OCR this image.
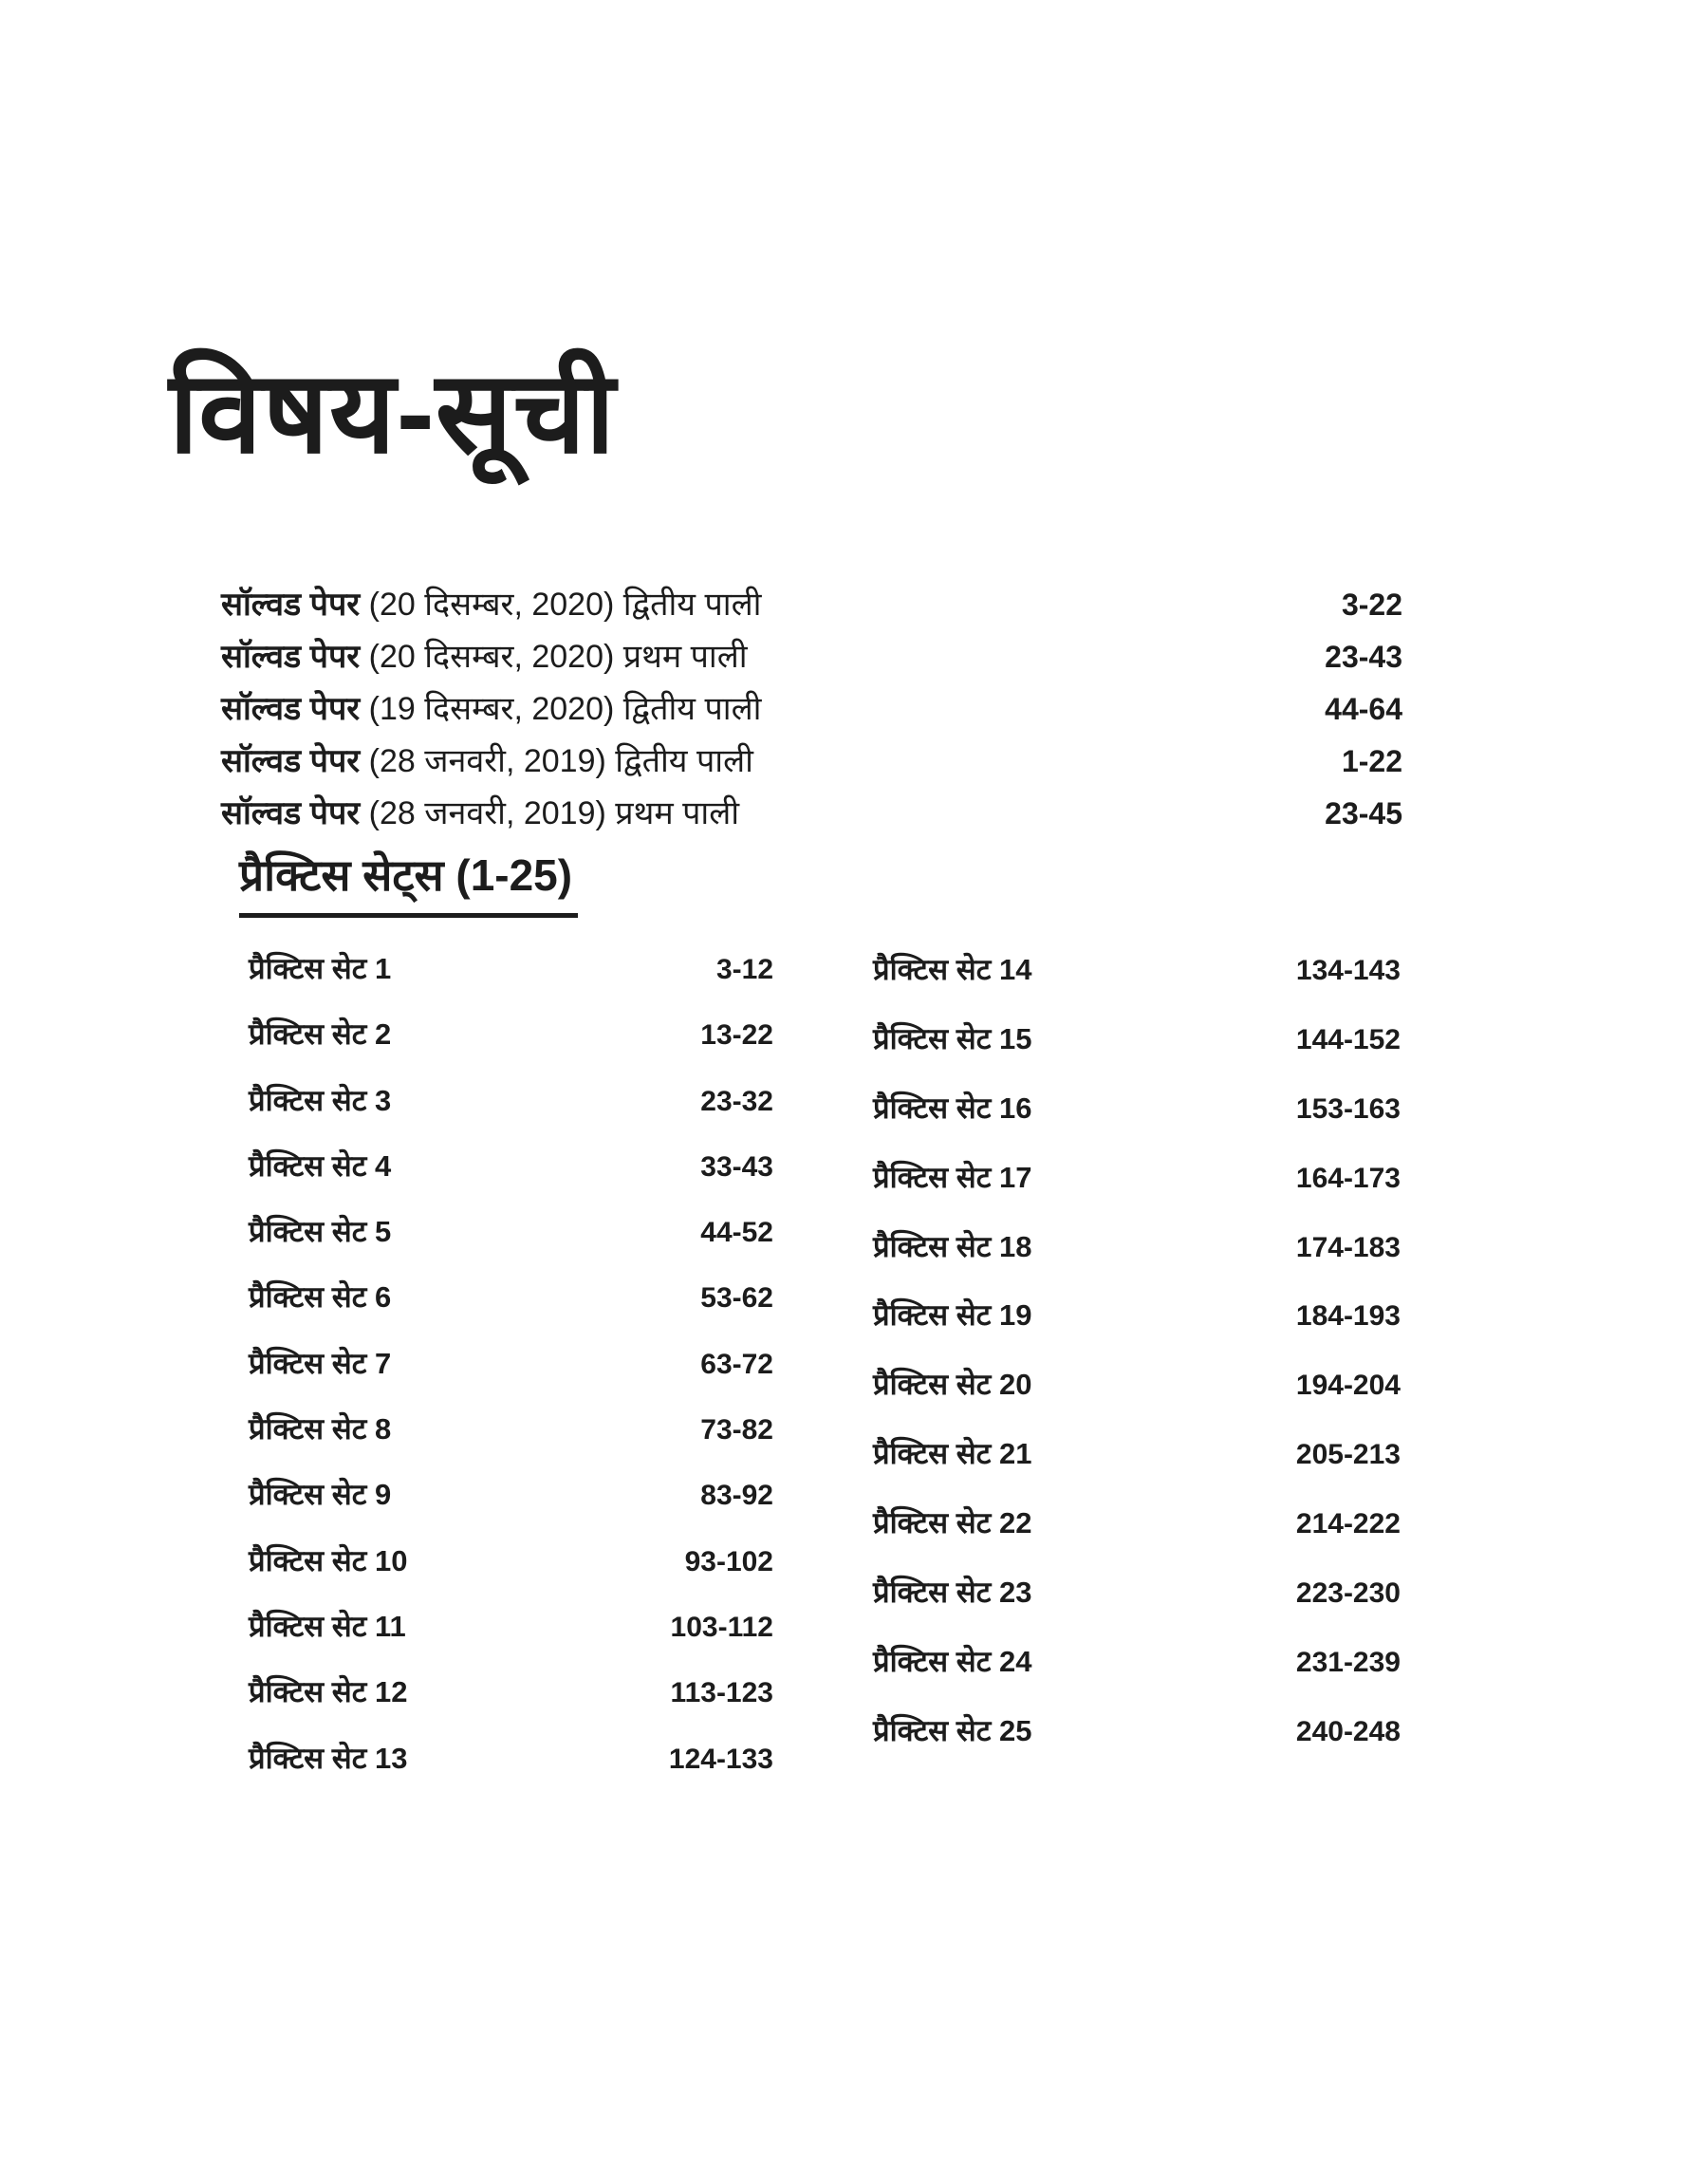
विषय-सूची
सॉल्वड पेपर (20 दिसम्बर, 2020) द्वितीय पाली	3-22
सॉल्वड पेपर (20 दिसम्बर, 2020) प्रथम पाली	23-43
सॉल्वड पेपर (19 दिसम्बर, 2020) द्वितीय पाली	44-64
सॉल्वड पेपर (28 जनवरी, 2019) द्वितीय पाली	1-22
सॉल्वड पेपर (28 जनवरी, 2019) प्रथम पाली	23-45
प्रैक्टिस सेट्स (1-25)
प्रैक्टिस सेट 1	3-12
प्रैक्टिस सेट 2	13-22
प्रैक्टिस सेट 3	23-32
प्रैक्टिस सेट 4	33-43
प्रैक्टिस सेट 5	44-52
प्रैक्टिस सेट 6	53-62
प्रैक्टिस सेट 7	63-72
प्रैक्टिस सेट 8	73-82
प्रैक्टिस सेट 9	83-92
प्रैक्टिस सेट 10	93-102
प्रैक्टिस सेट 11	103-112
प्रैक्टिस सेट 12	113-123
प्रैक्टिस सेट 13	124-133
प्रैक्टिस सेट 14	134-143
प्रैक्टिस सेट 15	144-152
प्रैक्टिस सेट 16	153-163
प्रैक्टिस सेट 17	164-173
प्रैक्टिस सेट 18	174-183
प्रैक्टिस सेट 19	184-193
प्रैक्टिस सेट 20	194-204
प्रैक्टिस सेट 21	205-213
प्रैक्टिस सेट 22	214-222
प्रैक्टिस सेट 23	223-230
प्रैक्टिस सेट 24	231-239
प्रैक्टिस सेट 25	240-248
